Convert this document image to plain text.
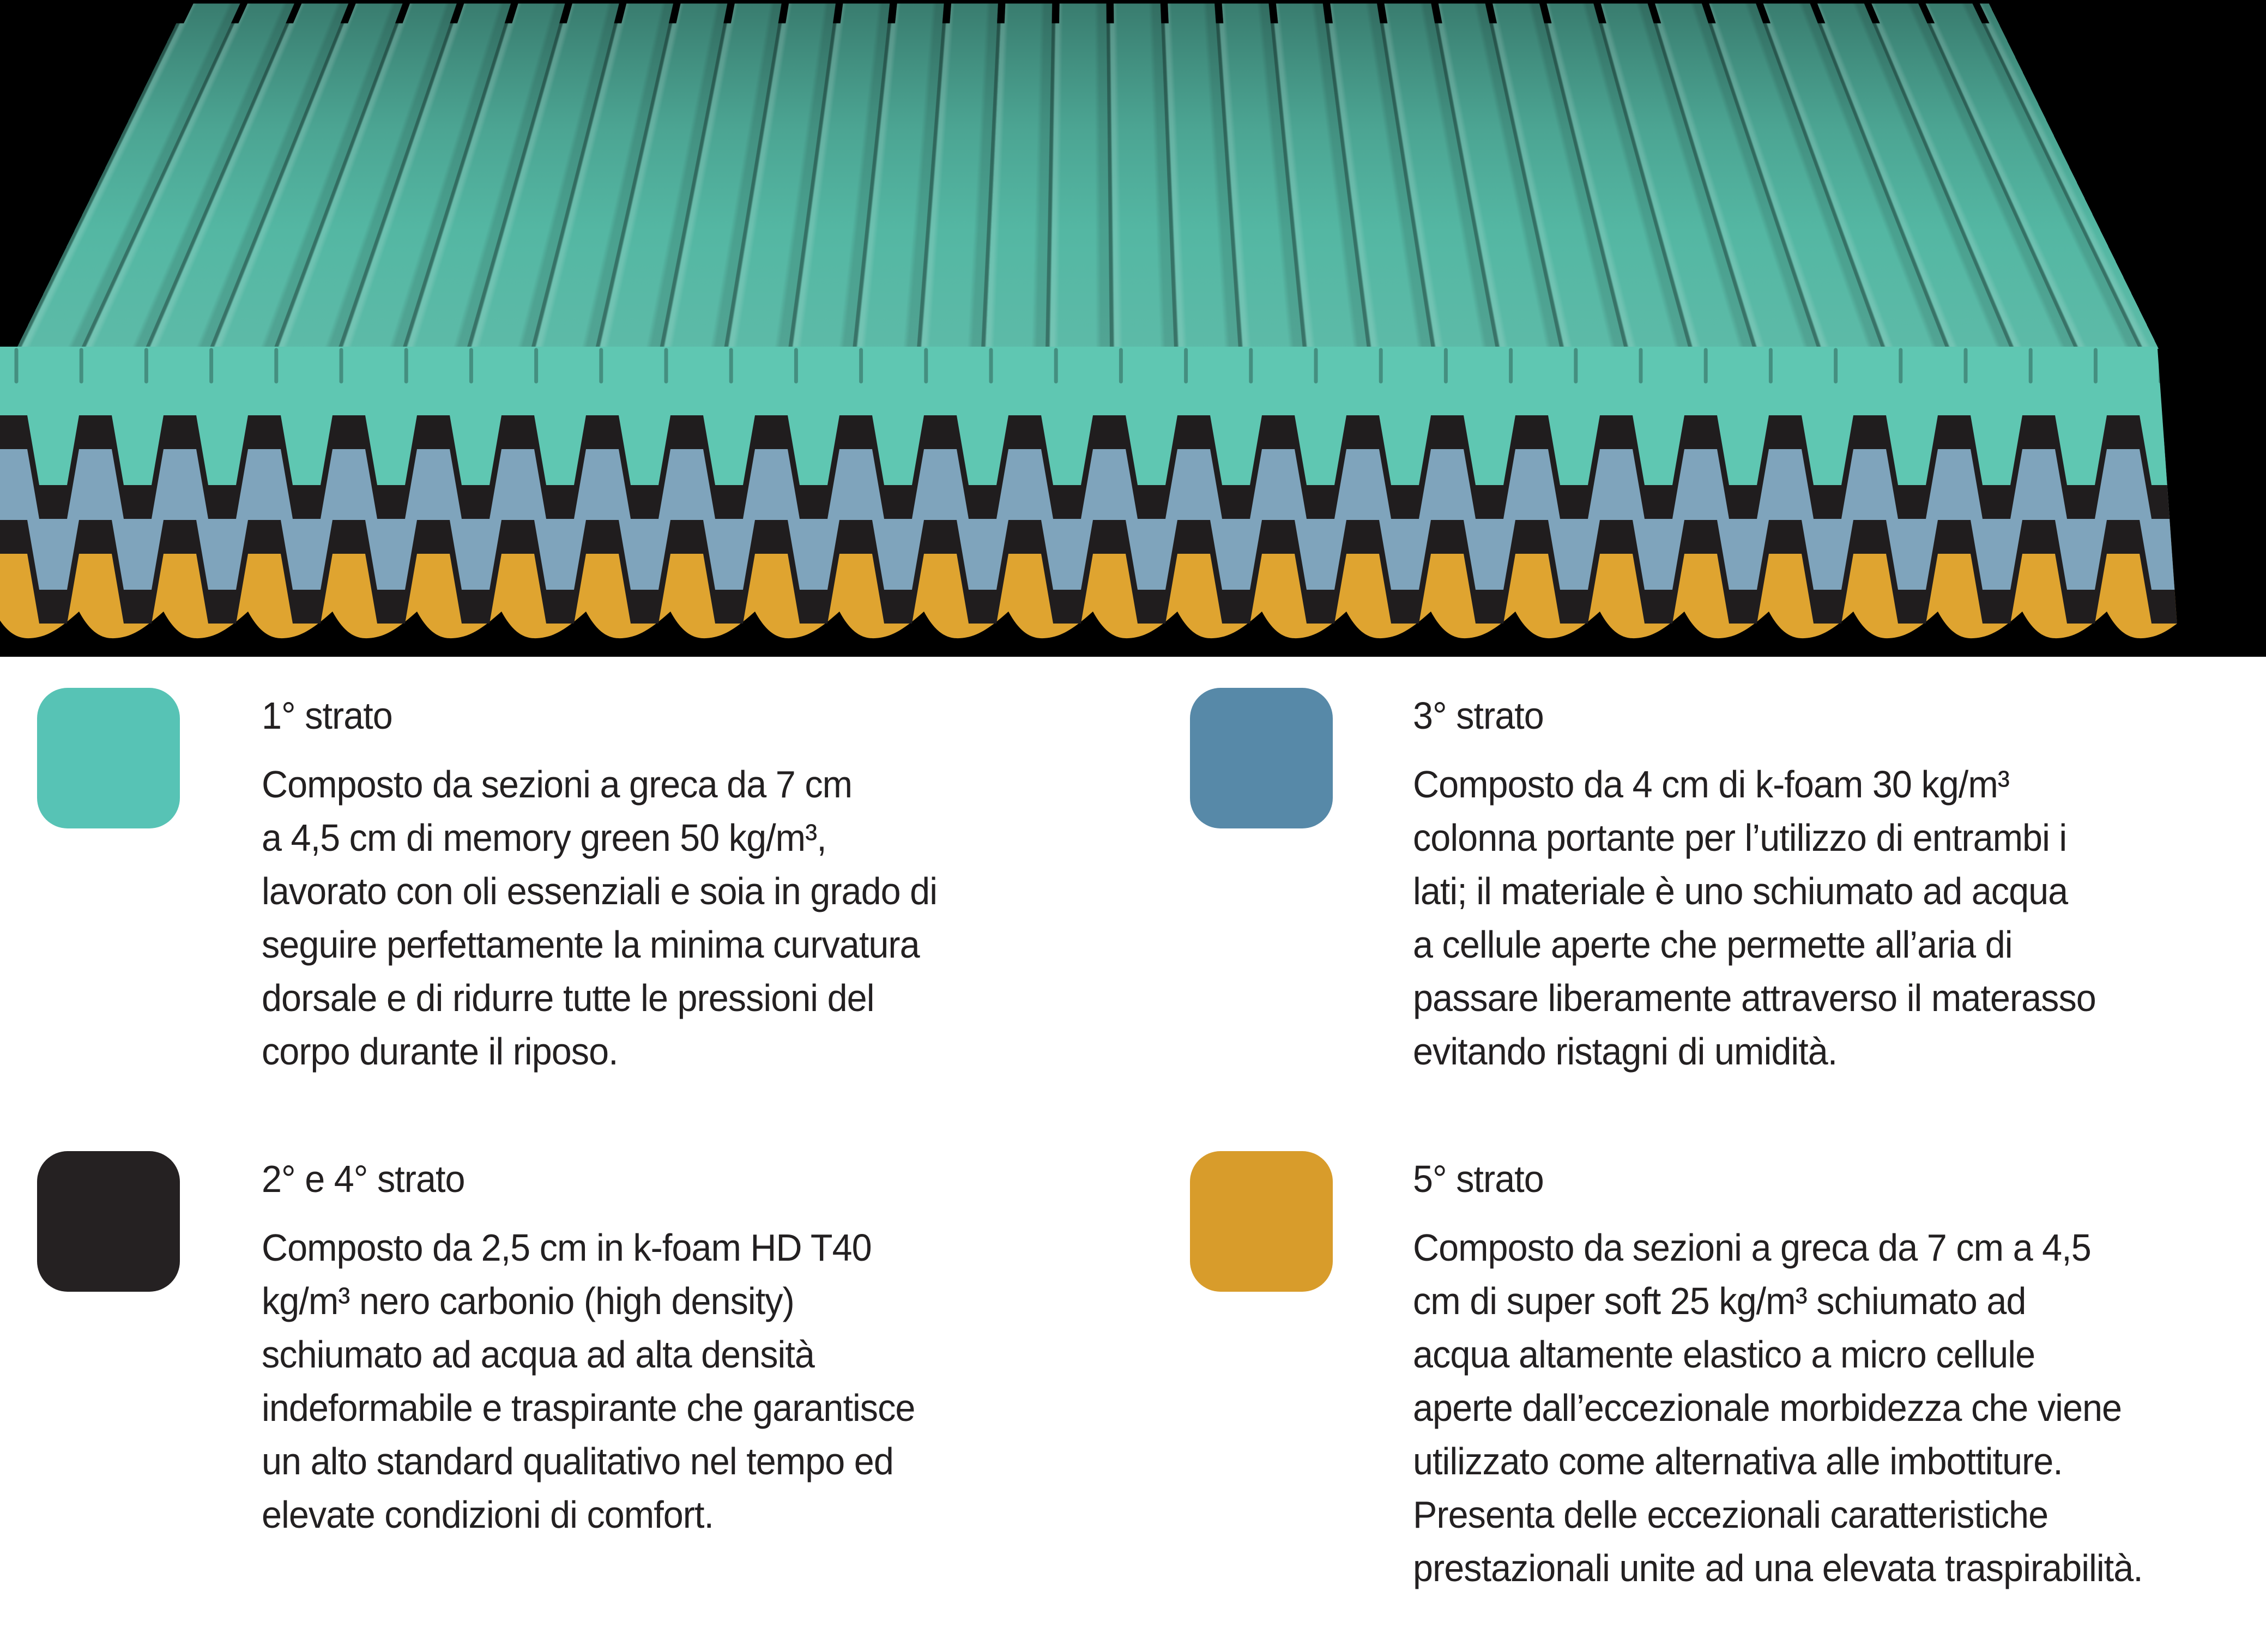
1° strato
Composto da sezioni a greca da 7 cm
a 4,5 cm di memory green 50 kg/m³,
lavorato con oli essenziali e soia in grado di
seguire perfettamente la minima curvatura
dorsale e di ridurre tutte le pressioni del
corpo durante il riposo.
3° strato
Composto da 4 cm di k-foam 30 kg/m³
colonna portante per l’utilizzo di entrambi i
lati; il materiale è uno schiumato ad acqua
a cellule aperte che permette all’aria di
passare liberamente attraverso il materasso
evitando ristagni di umidità.
2° e 4° strato
Composto da 2,5 cm in k-foam HD T40
kg/m³ nero carbonio (high density)
schiumato ad acqua ad alta densità
indeformabile e traspirante che garantisce
un alto standard qualitativo nel tempo ed
elevate condizioni di comfort.
5° strato
Composto da sezioni a greca da 7 cm a 4,5
cm di super soft 25 kg/m³ schiumato ad
acqua altamente elastico a micro cellule
aperte dall’eccezionale morbidezza che viene
utilizzato come alternativa alle imbottiture.
Presenta delle eccezionali caratteristiche
prestazionali unite ad una elevata traspirabilità.
